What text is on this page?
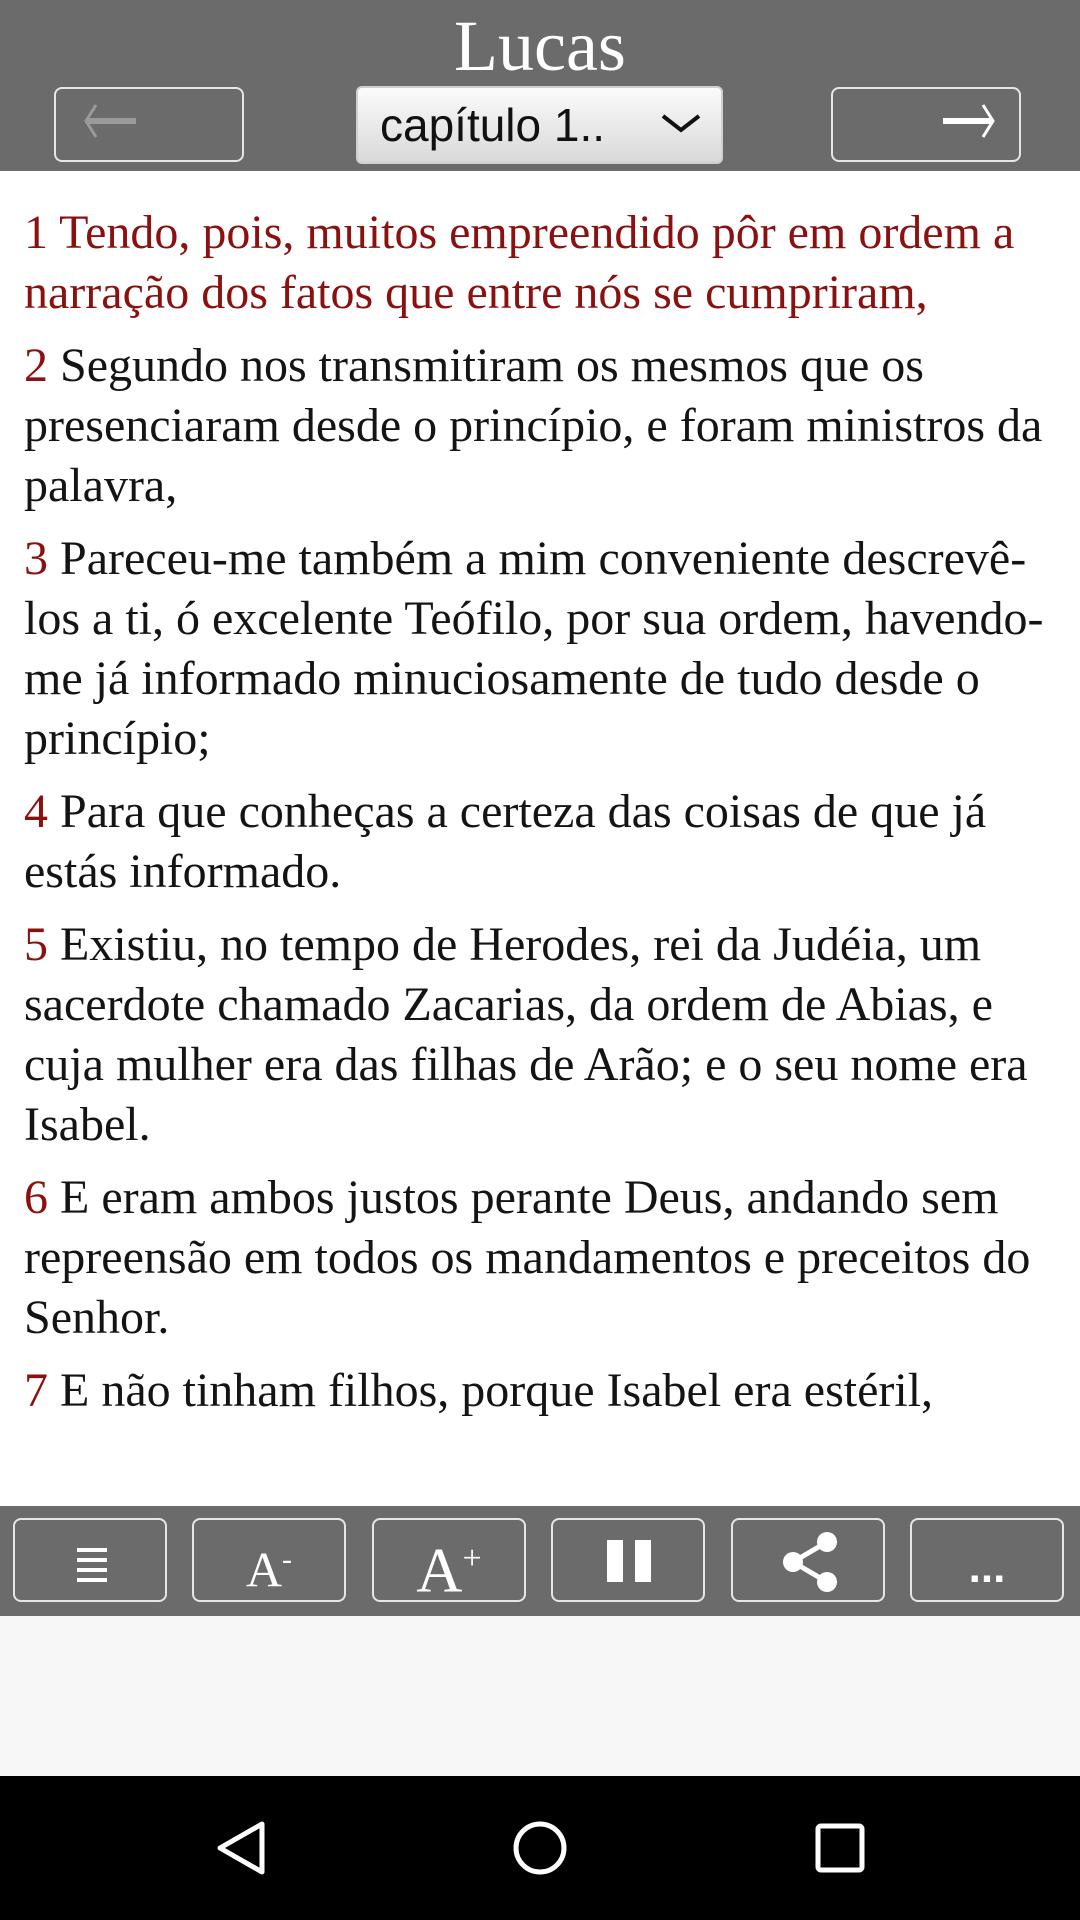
Lucas
capítulo 1..

1 Tendo, pois, muitos empreendido pôr em ordem a narração dos fatos que entre nós se cumpriram,

2 Segundo nos transmitiram os mesmos que os presenciaram desde o princípio, e foram ministros da palavra,

3 Pareceu-me também a mim conveniente descrevê-los a ti, ó excelente Teófilo, por sua ordem, havendo-me já informado minuciosamente de tudo desde o princípio;

4 Para que conheças a certeza das coisas de que já estás informado.

5 Existiu, no tempo de Herodes, rei da Judéia, um sacerdote chamado Zacarias, da ordem de Abias, e cuja mulher era das filhas de Arão; e o seu nome era Isabel.

6 E eram ambos justos perante Deus, andando sem repreensão em todos os mandamentos e preceitos do Senhor.

7 E não tinham filhos, porque Isabel era estéril,

A-	A+	...
